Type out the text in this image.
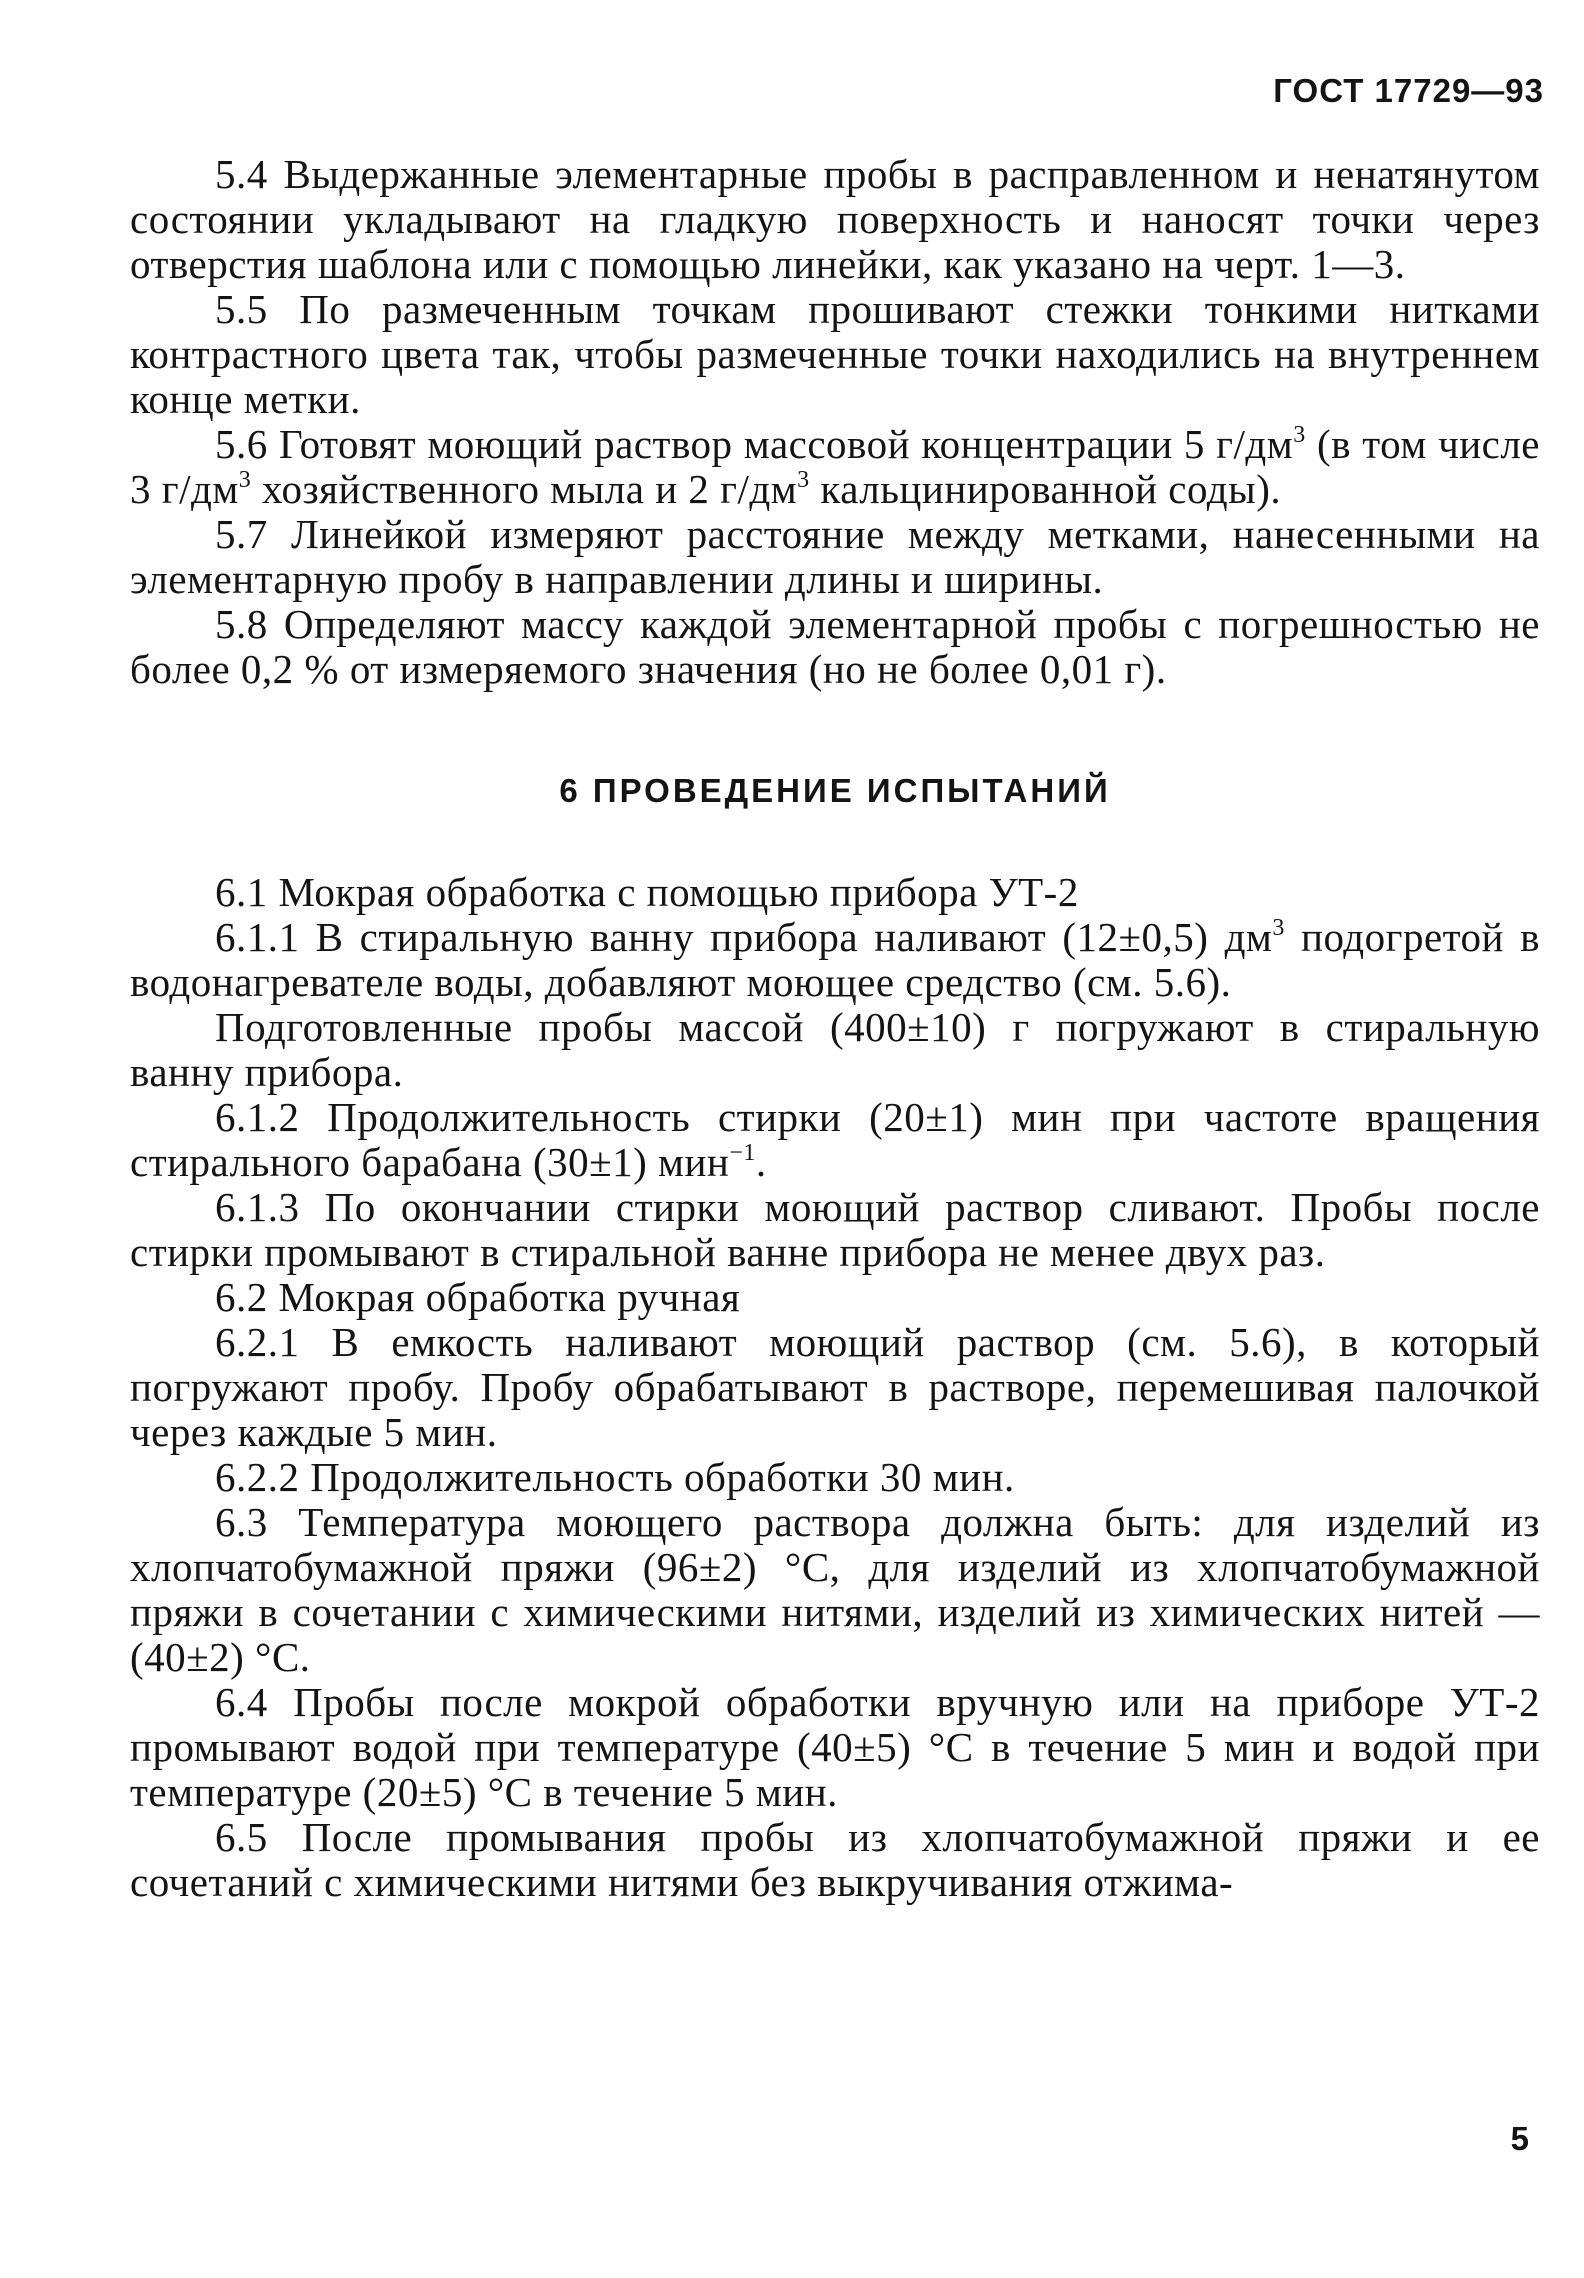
ГОСТ 17729—93

5.4 Выдержанные элементарные пробы в расправленном и ненатянутом состоянии укладывают на гладкую поверхность и наносят точки через отверстия шаблона или с помощью линейки, как указано на черт. 1—3.

5.5 По размеченным точкам прошивают стежки тонкими нитками контрастного цвета так, чтобы размеченные точки находились на внутреннем конце метки.

5.6 Готовят моющий раствор массовой концентрации 5 $г/дм^3$ (в том числе 3 $г/дм^3$ хозяйственного мыла и 2 $г/дм^3$ кальцинированной соды).

5.7 Линейкой измеряют расстояние между метками, нанесенными на элементарную пробу в направлении длины и ширины.

5.8 Определяют массу каждой элементарной пробы с погрешностью не более 0,2 % от измеряемого значения (но не более 0,01 г).

6 ПРОВЕДЕНИЕ ИСПЫТАНИЙ

6.1 Мокрая обработка с помощью прибора УТ-2

6.1.1 В стиральную ванну прибора наливают (12±0,5) $дм^3$ подогретой в водонагревателе воды, добавляют моющее средство (см. 5.6).

Подготовленные пробы массой (400±10) г погружают в стиральную ванну прибора.

6.1.2 Продолжительность стирки (20±1) мин при частоте вращения стирального барабана (30±1) мин$^{-1}$.

6.1.3 По окончании стирки моющий раствор сливают. Пробы после стирки промывают в стиральной ванне прибора не менее двух раз.

6.2 Мокрая обработка ручная

6.2.1 В емкость наливают моющий раствор (см. 5.6), в который погружают пробу. Пробу обрабатывают в растворе, перемешивая палочкой через каждые 5 мин.

6.2.2 Продолжительность обработки 30 мин.

6.3 Температура моющего раствора должна быть: для изделий из хлопчатобумажной пряжи (96±2) °С, для изделий из хлопчатобумажной пряжи в сочетании с химическими нитями, изделий из химических нитей — (40±2) °С.

6.4 Пробы после мокрой обработки вручную или на приборе УТ-2 промывают водой при температуре (40±5) °С в течение 5 мин и водой при температуре (20±5) °С в течение 5 мин.

6.5 После промывания пробы из хлопчатобумажной пряжи и ее сочетаний с химическими нитями без выкручивания отжима-

5
